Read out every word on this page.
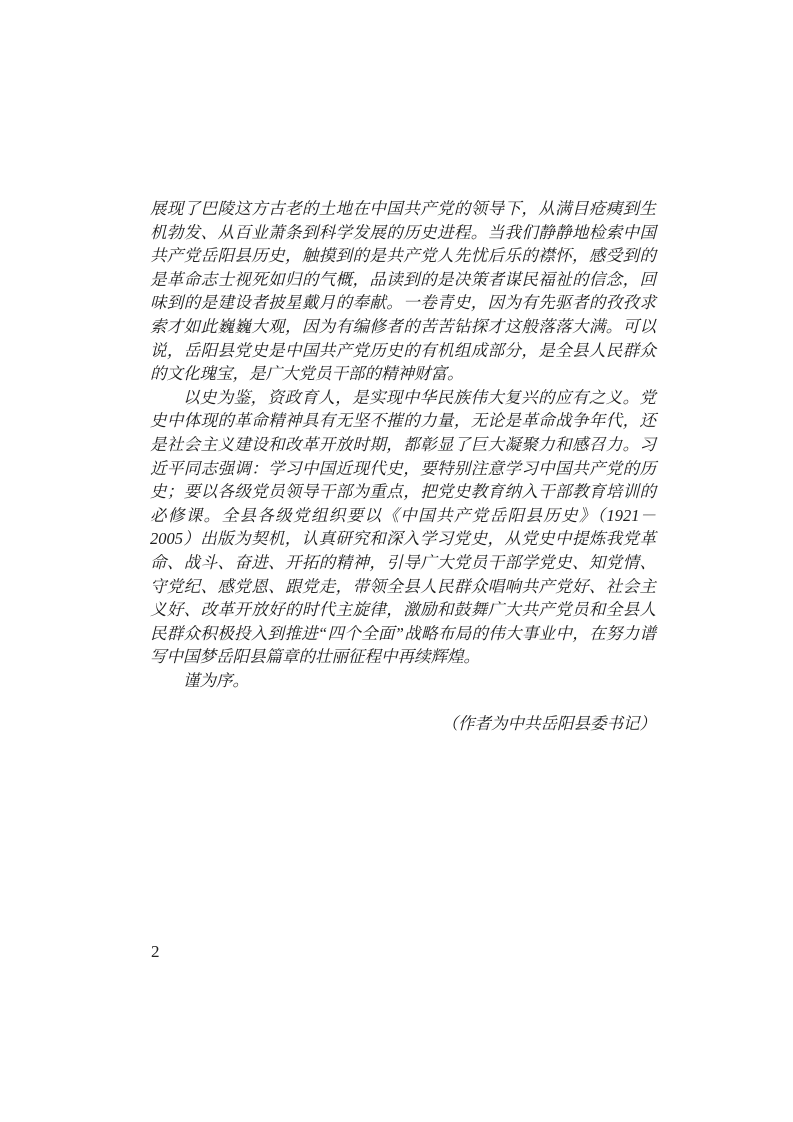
展现了巴陵这方古老的土地在中国共产党的领导下，从满目疮痍到生机勃发、从百业萧条到科学发展的历史进程。当我们静静地检索中国共产党岳阳县历史，触摸到的是共产党人先忧后乐的襟怀，感受到的是革命志士视死如归的气概，品读到的是决策者谋民福祉的信念，回味到的是建设者披星戴月的奉献。一卷青史，因为有先驱者的孜孜求索才如此巍巍大观，因为有编修者的苦苦钻探才这般落落大满。可以说，岳阳县党史是中国共产党历史的有机组成部分，是全县人民群众的文化瑰宝，是广大党员干部的精神财富。

以史为鉴，资政育人，是实现中华民族伟大复兴的应有之义。党史中体现的革命精神具有无坚不摧的力量，无论是革命战争年代，还是社会主义建设和改革开放时期，都彰显了巨大凝聚力和感召力。习近平同志强调：学习中国近现代史，要特别注意学习中国共产党的历史；要以各级党员领导干部为重点，把党史教育纳入干部教育培训的必修课。全县各级党组织要以《中国共产党岳阳县历史》（1921－2005）出版为契机，认真研究和深入学习党史，从党史中提炼我党革命、战斗、奋进、开拓的精神，引导广大党员干部学党史、知党情、守党纪、感党恩、跟党走，带领全县人民群众唱响共产党好、社会主义好、改革开放好的时代主旋律，激励和鼓舞广大共产党员和全县人民群众积极投入到推进“四个全面”战略布局的伟大事业中，在努力谱写中国梦岳阳县篇章的壮丽征程中再续辉煌。

谨为序。

（作者为中共岳阳县委书记）

2
